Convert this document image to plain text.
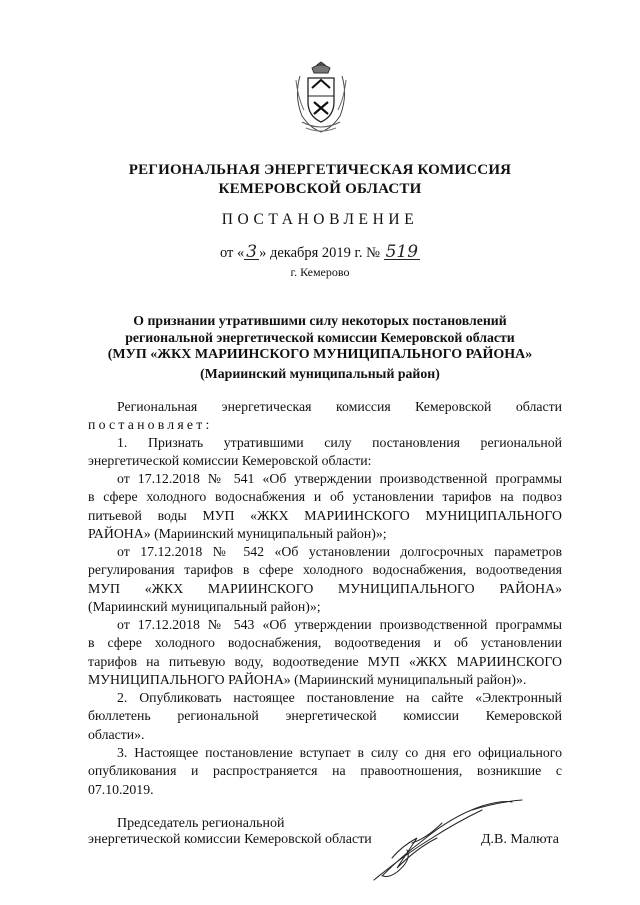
РЕГИОНАЛЬНАЯ ЭНЕРГЕТИЧЕСКАЯ КОМИССИЯ
КЕМЕРОВСКОЙ ОБЛАСТИ
ПОСТАНОВЛЕНИЕ
от « 3 » декабря 2019 г. № 519
г. Кемерово
О признании утратившими силу некоторых постановлений
региональной энергетической комиссии Кемеровской области
(МУП «ЖКХ МАРИИНСКОГО МУНИЦИПАЛЬНОГО РАЙОНА»
(Мариинский муниципальный район)

Региональная энергетическая комиссия Кемеровской области

постановляет:

1. Признать утратившими силу постановления региональной

энергетической комиссии Кемеровской области:

от 17.12.2018 № 541 «Об утверждении производственной программы

в сфере холодного водоснабжения и об установлении тарифов на подвоз

питьевой воды МУП «ЖКХ МАРИИНСКОГО МУНИЦИПАЛЬНОГО

РАЙОНА» (Мариинский муниципальный район)»;

от 17.12.2018 № 542 «Об установлении долгосрочных параметров

регулирования тарифов в сфере холодного водоснабжения, водоотведения

МУП «ЖКХ МАРИИНСКОГО МУНИЦИПАЛЬНОГО РАЙОНА»

(Мариинский муниципальный район)»;

от 17.12.2018 № 543 «Об утверждении производственной программы

в сфере холодного водоснабжения, водоотведения и об установлении

тарифов на питьевую воду, водоотведение МУП «ЖКХ МАРИИНСКОГО

МУНИЦИПАЛЬНОГО РАЙОНА» (Мариинский муниципальный район)».

2. Опубликовать настоящее постановление на сайте «Электронный

бюллетень региональной энергетической комиссии Кемеровской

области».

3. Настоящее постановление вступает в силу со дня его официального

опубликования и распространяется на правоотношения, возникшие с

07.10.2019.

Председатель региональной
энергетической комиссии Кемеровской области	Д.В. Малюта
